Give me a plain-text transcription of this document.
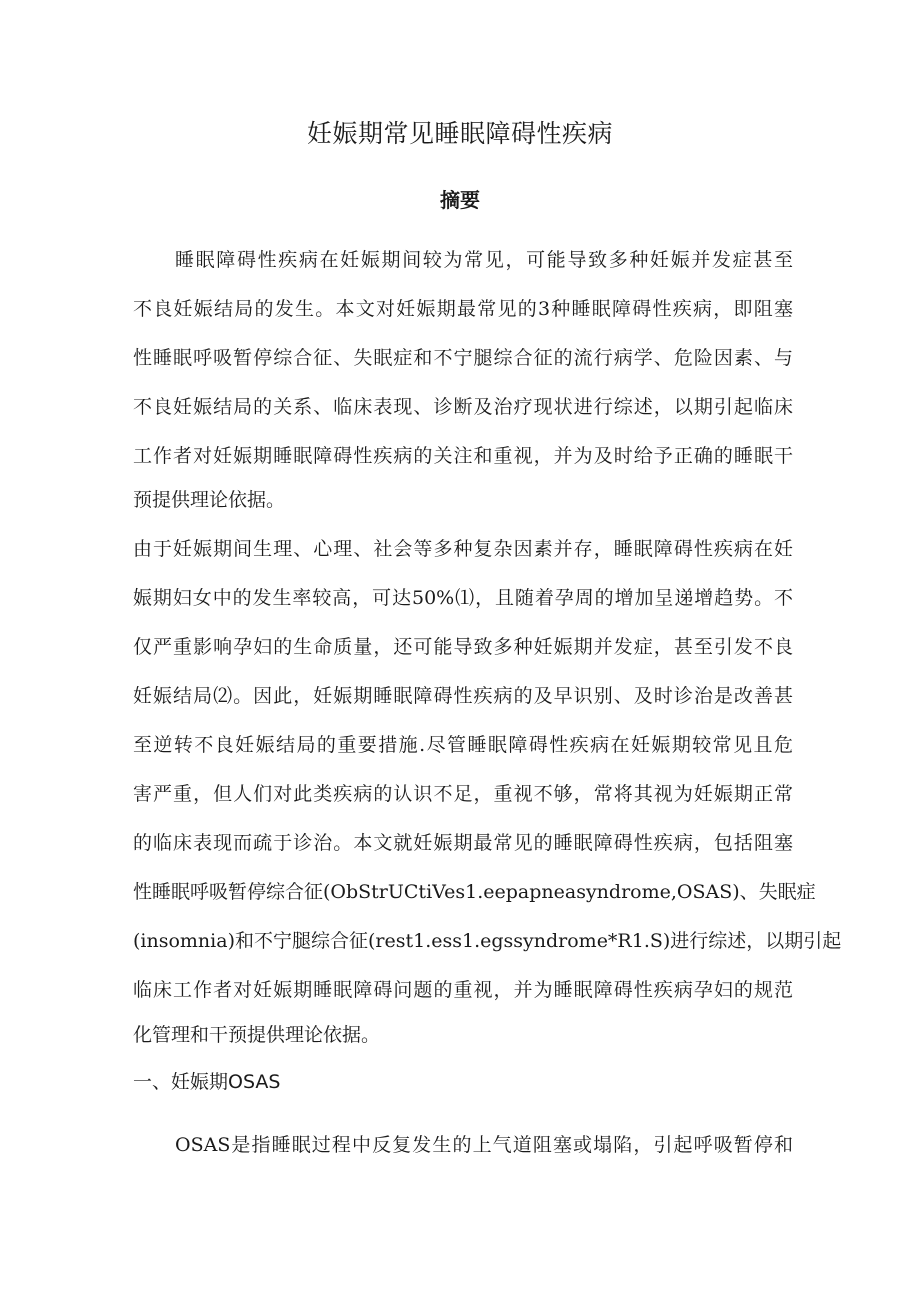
妊娠期常见睡眠障碍性疾病
摘要
睡眠障碍性疾病在妊娠期间较为常见，可能导致多种妊娠并发症甚至
不良妊娠结局的发生。本文对妊娠期最常见的3种睡眠障碍性疾病，即阻塞
性睡眠呼吸暂停综合征、失眠症和不宁腿综合征的流行病学、危险因素、与
不良妊娠结局的关系、临床表现、诊断及治疗现状进行综述，以期引起临床
工作者对妊娠期睡眠障碍性疾病的关注和重视，并为及时给予正确的睡眠干
预提供理论依据。
由于妊娠期间生理、心理、社会等多种复杂因素并存，睡眠障碍性疾病在妊
娠期妇女中的发生率较高，可达50%⑴，且随着孕周的增加呈递增趋势。不
仅严重影响孕妇的生命质量，还可能导致多种妊娠期并发症，甚至引发不良
妊娠结局⑵。因此，妊娠期睡眠障碍性疾病的及早识别、及时诊治是改善甚
至逆转不良妊娠结局的重要措施.尽管睡眠障碍性疾病在妊娠期较常见且危
害严重，但人们对此类疾病的认识不足，重视不够，常将其视为妊娠期正常
的临床表现而疏于诊治。本文就妊娠期最常见的睡眠障碍性疾病，包括阻塞
性睡眠呼吸暂停综合征(ObStrUCtiVes1.eepapneasyndrome,OSAS)、失眠症
(insomnia)和不宁腿综合征(rest1.ess1.egssyndrome*R1.S)进行综述，以期引起
临床工作者对妊娠期睡眠障碍问题的重视，并为睡眠障碍性疾病孕妇的规范
化管理和干预提供理论依据。
一、妊娠期OSAS
OSAS是指睡眠过程中反复发生的上气道阻塞或塌陷，引起呼吸暂停和
